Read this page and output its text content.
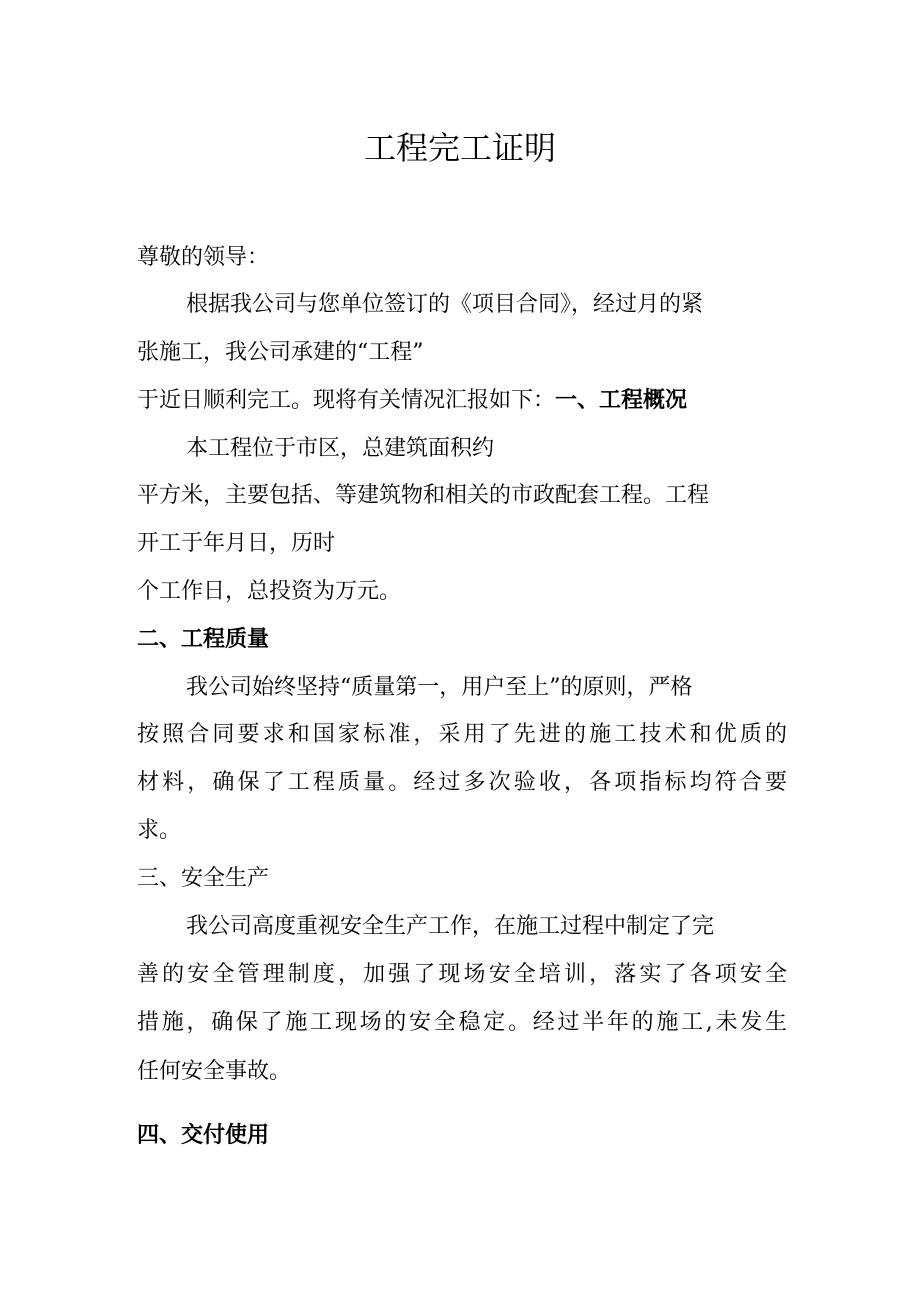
工程完工证明
尊敬的领导：
根据我公司与您单位签订的《项目合同》，经过月的紧
张施工，我公司承建的“工程”
于近日顺利完工。现将有关情况汇报如下：一、工程概况
本工程位于市区，总建筑面积约
平方米，主要包括、等建筑物和相关的市政配套工程。工程
开工于年月日，历时
个工作日，总投资为万元。
二、工程质量
我公司始终坚持“质量第一，用户至上”的原则，严格
按照合同要求和国家标准，采用了先进的施工技术和优质的
材料，确保了工程质量。经过多次验收，各项指标均符合要
求。
三、安全生产
我公司高度重视安全生产工作，在施工过程中制定了完
善的安全管理制度，加强了现场安全培训，落实了各项安全
措施，确保了施工现场的安全稳定。经过半年的施工,未发生
任何安全事故。
四、交付使用
